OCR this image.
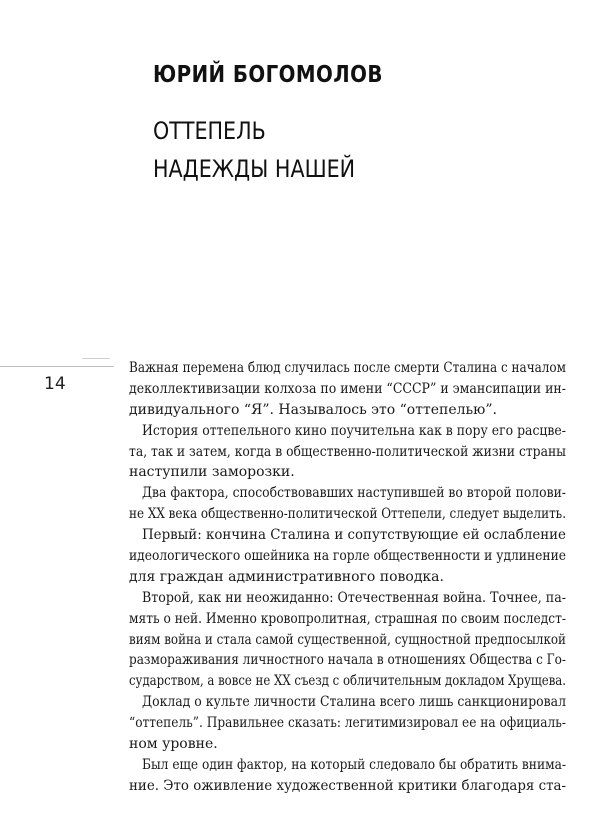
ЮРИЙ БОГОМОЛОВ
ОТТЕПЕЛЬ
НАДЕЖДЫ НАШЕЙ
14
Важная перемена блюд случилась после смерти Сталина с началом
деколлективизации колхоза по имени “СССР” и эмансипации ин-
дивидуального “Я”. Называлось это “оттепелью”.
История оттепельного кино поучительна как в пору его расцве-
та, так и затем, когда в общественно-политической жизни страны
наступили заморозки.
Два фактора, способствовавших наступившей во второй полови-
не XX века общественно-политической Оттепели, следует выделить.
Первый: кончина Сталина и сопутствующие ей ослабление
идеологического ошейника на горле общественности и удлинение
для граждан административного поводка.
Второй, как ни неожиданно: Отечественная война. Точнее, па-
мять о ней. Именно кровопролитная, страшная по своим последст-
виям война и стала самой существенной, сущностной предпосылкой
размораживания личностного начала в отношениях Общества с Го-
сударством, а вовсе не XX съезд с обличительным докладом Хрущева.
Доклад о культе личности Сталина всего лишь санкционировал
“оттепель”. Правильнее сказать: легитимизировал ее на официаль-
ном уровне.
Был еще один фактор, на который следовало бы обратить внима-
ние. Это оживление художественной критики благодаря ста-
